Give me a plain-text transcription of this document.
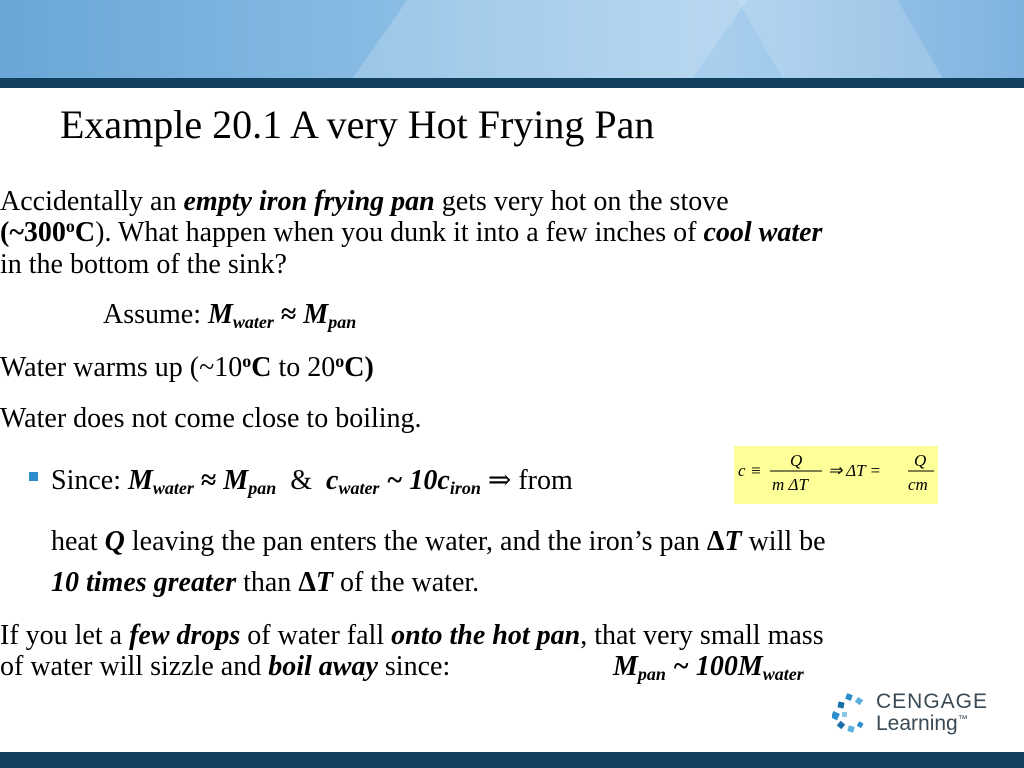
Example 20.1 A very Hot Frying Pan
Accidentally an empty iron frying pan gets very hot on the stove
(~300$^o$C). What happen when you dunk it into a few inches of cool water
in the bottom of the sink?
Assume: $M_{water} \approx M_{pan}$
Water warms up (~10$^o$C to 20$^o$C)
Water does not come close to boiling.
Since: $M_{water} \approx M_{pan}$  &  $c_{water}$ ~ $10c_{iron}$ ⇒ from	c ≡
Q
m ΔT
⇒ ΔT =
Q
cm
heat Q leaving the pan enters the water, and the iron’s pan ΔT will be
10 times greater than ΔT of the water.
If you let a few drops of water fall onto the hot pan, that very small mass
of water will sizzle and boil away since:	$M_{pan}$ ~ $100M_{water}$
CENGAGE
Learning™
